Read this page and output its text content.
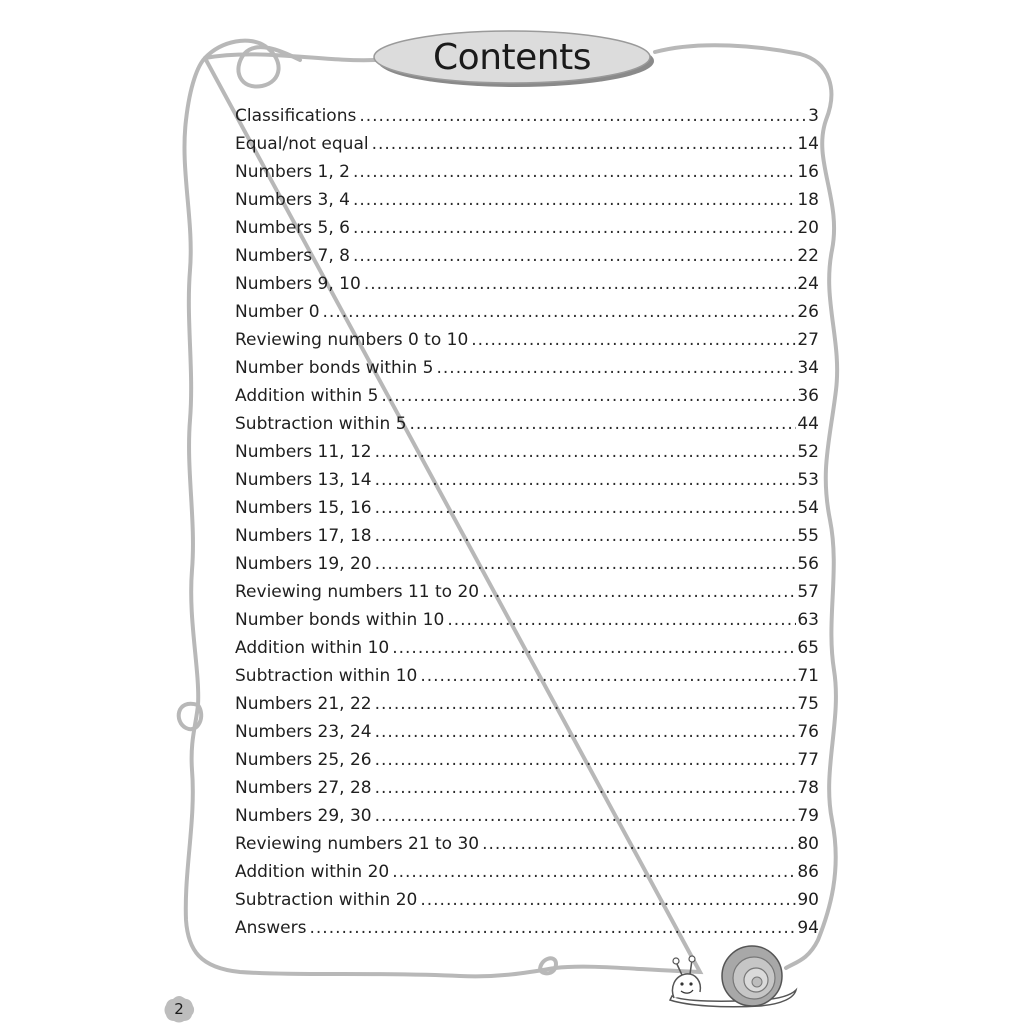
Contents
Classifications .....	3
Equal/not equal .....	14
Numbers 1, 2 .....	16
Numbers 3, 4 .....	18
Numbers 5, 6 .....	20
Numbers 7, 8 .....	22
Numbers 9, 10 .....	24
Number 0 .....	26
Reviewing numbers 0 to 10 .....	27
Number bonds within 5 .....	34
Addition within 5 .....	36
Subtraction within 5 .....	44
Numbers 11, 12 .....	52
Numbers 13, 14 .....	53
Numbers 15, 16 .....	54
Numbers 17, 18 .....	55
Numbers 19, 20 .....	56
Reviewing numbers 11 to 20 .....	57
Number bonds within 10 .....	63
Addition within 10 .....	65
Subtraction within 10 .....	71
Numbers 21, 22 .....	75
Numbers 23, 24 .....	76
Numbers 25, 26 .....	77
Numbers 27, 28 .....	78
Numbers 29, 30 .....	79
Reviewing numbers 21 to 30 .....	80
Addition within 20 .....	86
Subtraction within 20 .....	90
Answers .....	94
2
